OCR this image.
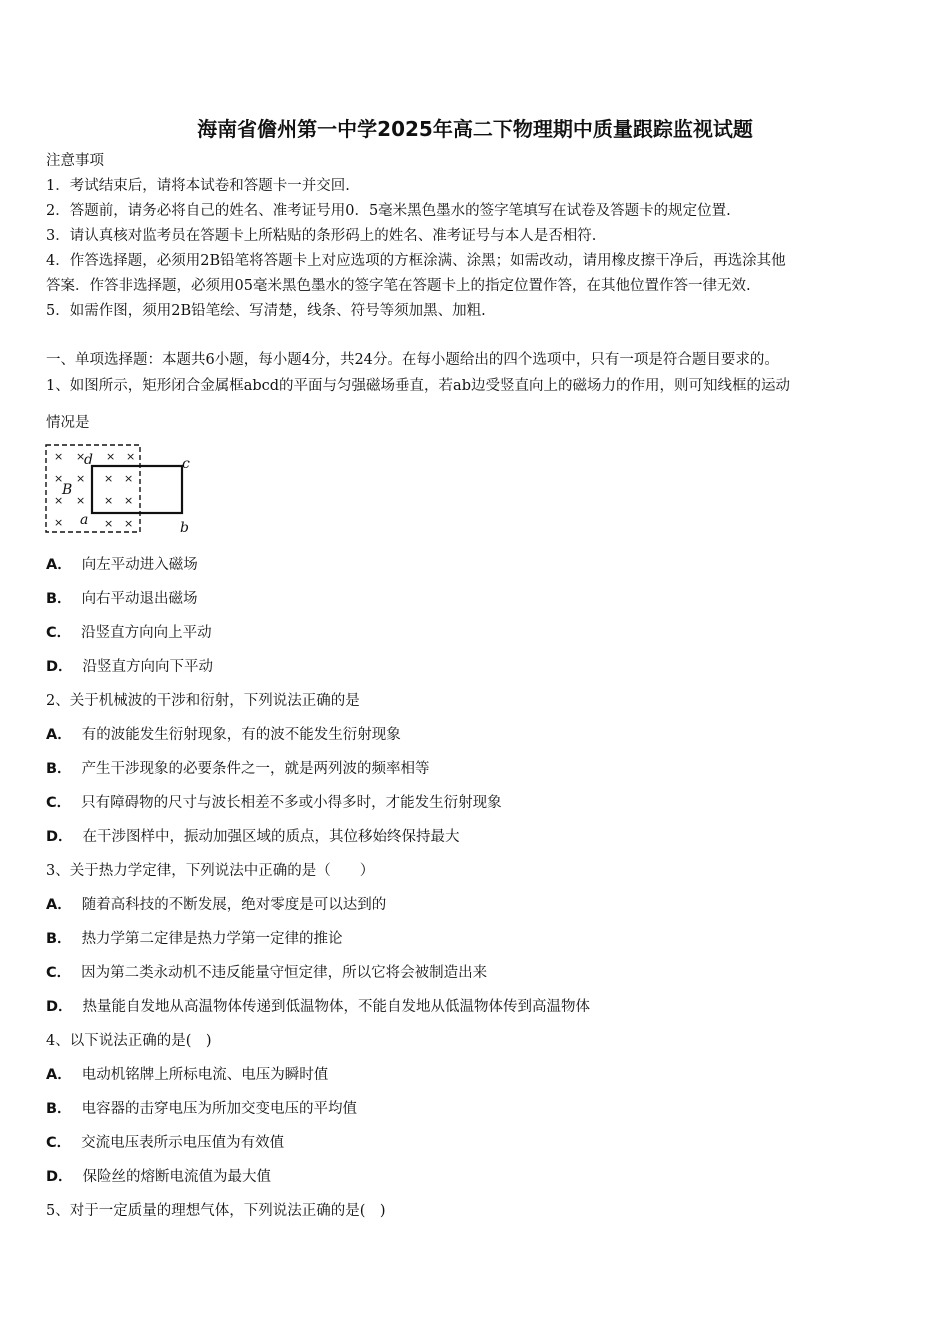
海南省儋州第一中学2025年高二下物理期中质量跟踪监视试题
注意事项
1．考试结束后，请将本试卷和答题卡一并交回.
2．答题前，请务必将自己的姓名、准考证号用0．5毫米黑色墨水的签字笔填写在试卷及答题卡的规定位置.
3．请认真核对监考员在答题卡上所粘贴的条形码上的姓名、准考证号与本人是否相符.
4．作答选择题，必须用2B铅笔将答题卡上对应选项的方框涂满、涂黑；如需改动，请用橡皮擦干净后，再选涂其他
答案．作答非选择题，必须用05毫米黑色墨水的签字笔在答题卡上的指定位置作答，在其他位置作答一律无效.
5．如需作图，须用2B铅笔绘、写清楚，线条、符号等须加黑、加粗.
一、单项选择题：本题共6小题，每小题4分，共24分。在每小题给出的四个选项中，只有一项是符合题目要求的。
1、如图所示，矩形闭合金属框abcd的平面与匀强磁场垂直，若ab边受竖直向上的磁场力的作用，则可知线框的运动
情况是
× × × ×
× × × ×
× × × ×
×	× ×
B
d	c
a	b
A． 向左平动进入磁场
B． 向右平动退出磁场
C． 沿竖直方向向上平动
D． 沿竖直方向向下平动
2、关于机械波的干涉和衍射，下列说法正确的是
A． 有的波能发生衍射现象，有的波不能发生衍射现象
B． 产生干涉现象的必要条件之一，就是两列波的频率相等
C． 只有障碍物的尺寸与波长相差不多或小得多时，才能发生衍射现象
D． 在干涉图样中，振动加强区域的质点，其位移始终保持最大
3、关于热力学定律，下列说法中正确的是（　　）
A． 随着高科技的不断发展，绝对零度是可以达到的
B． 热力学第二定律是热力学第一定律的推论
C． 因为第二类永动机不违反能量守恒定律，所以它将会被制造出来
D． 热量能自发地从高温物体传递到低温物体，不能自发地从低温物体传到高温物体
4、以下说法正确的是(　)
A． 电动机铭牌上所标电流、电压为瞬时值
B． 电容器的击穿电压为所加交变电压的平均值
C． 交流电压表所示电压值为有效值
D． 保险丝的熔断电流值为最大值
5、对于一定质量的理想气体，下列说法正确的是(　)
